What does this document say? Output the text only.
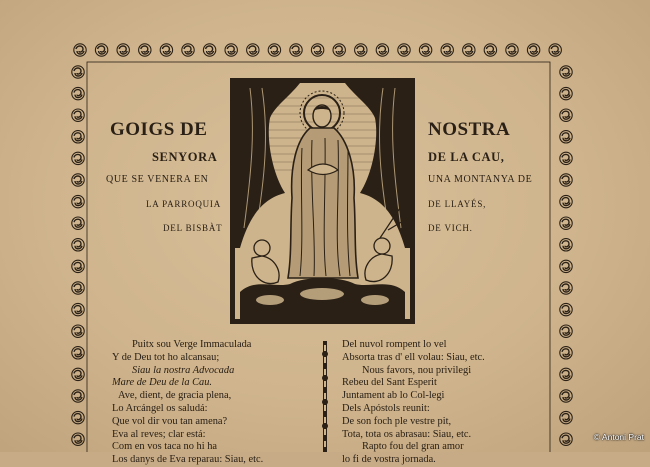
GOIGS DE
SENYORA
QUE SE VENERA EN
LA PARROQUIA
DEL BISBÀT
NOSTRA
DE LA CAU,
UNA MONTANYA DE
DE LLAYÉS,
DE VICH.
Puitx sou Verge Immaculada
Y de Deu tot ho alcansau;
Siau la nostra Advocada
Mare de Deu de la Cau.
Ave, dient, de gracia plena,
Lo Arcángel os saludá:
Que vol dir vou tan amena?
Eva al reves; clar está:
Com en vos taca no hi ha
Los danys de Eva reparau: Siau, etc.
Del nuvol rompent lo vel
Absorta tras d' ell volau: Siau, etc.
Nous favors, nou privilegi
Rebeu del Sant Esperit
Juntament ab lo Col-legi
Dels Apóstols reunit:
De son foch ple vestre pit,
Tota, tota os abrasau: Siau, etc.
Rapto fou del gran amor
lo fi de vostra jornada.
© Antoni Prat
